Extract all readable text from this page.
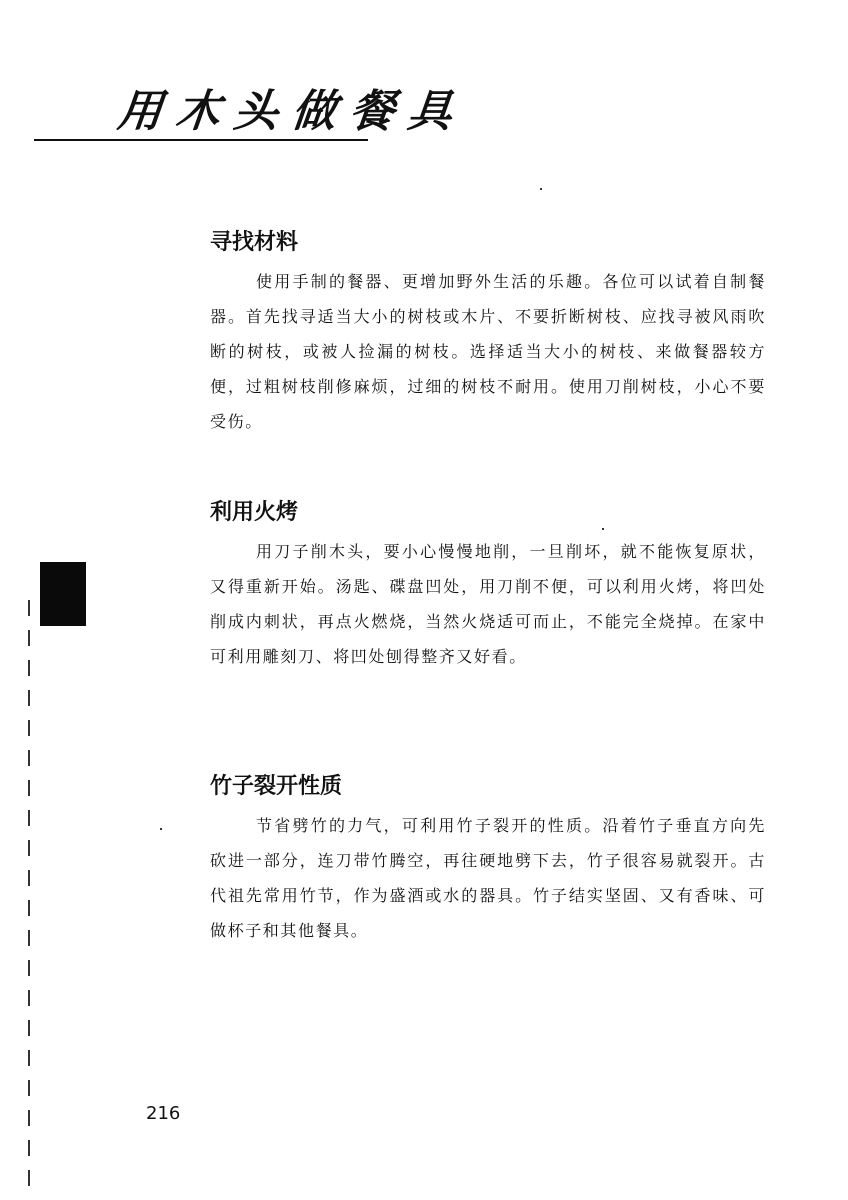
用木头做餐具
寻找材料

使用手制的餐器、更增加野外生活的乐趣。各位可以试着自制餐器。首先找寻适当大小的树枝或木片、不要折断树枝、应找寻被风雨吹断的树枝，或被人捡漏的树枝。选择适当大小的树枝、来做餐器较方便，过粗树枝削修麻烦，过细的树枝不耐用。使用刀削树枝，小心不要受伤。

利用火烤

用刀子削木头，要小心慢慢地削，一旦削坏，就不能恢复原状，又得重新开始。汤匙、碟盘凹处，用刀削不便，可以利用火烤，将凹处削成内刺状，再点火燃烧，当然火烧适可而止，不能完全烧掉。在家中可利用雕刻刀、将凹处刨得整齐又好看。

竹子裂开性质

节省劈竹的力气，可利用竹子裂开的性质。沿着竹子垂直方向先砍进一部分，连刀带竹腾空，再往硬地劈下去，竹子很容易就裂开。古代祖先常用竹节，作为盛酒或水的器具。竹子结实坚固、又有香味、可做杯子和其他餐具。

216
